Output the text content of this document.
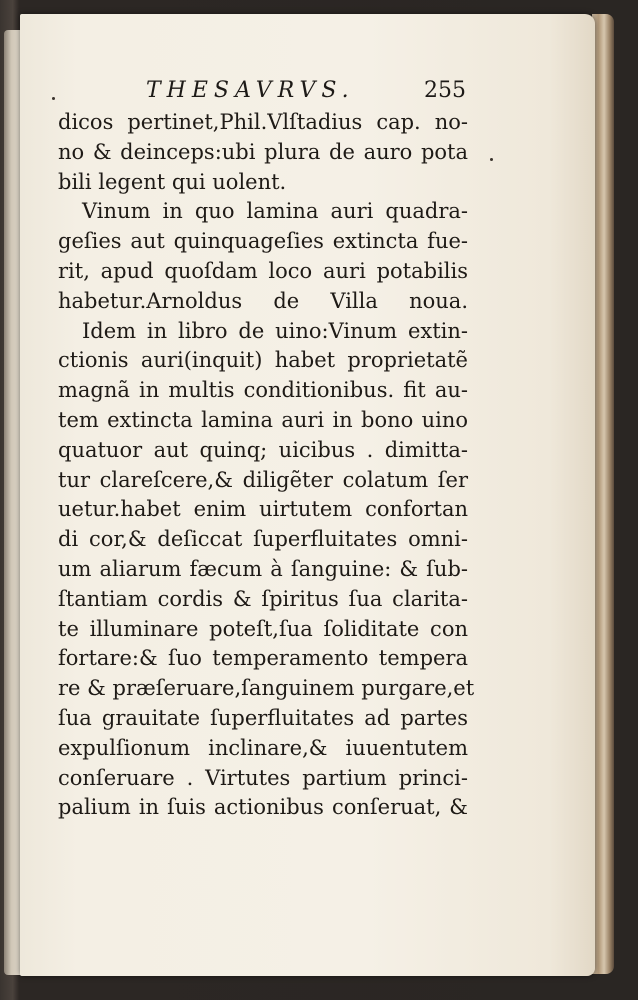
THESAVRVS.	255
dicos pertinet,Phil.Vlſtadius cap. no-
no & deinceps:ubi plura de auro pota
bili legent qui uolent.
Vinum in quo lamina auri quadra-
geſies aut quinquageſies extincta fue-
rit, apud quoſdam loco auri potabilis
habetur.Arnoldus de Villa noua.
Idem in libro de uino:Vinum extin-
ctionis auri(inquit) habet proprietatẽ
magnã in multis conditionibus. fit au-
tem extincta lamina auri in bono uino
quatuor aut quinq; uicibus . dimitta-
tur clareſcere,& diligẽter colatum ſer
uetur.habet enim uirtutem confortan
di cor,& deſiccat ſuperfluitates omni-
um aliarum fæcum à ſanguine: & ſub-
ſtantiam cordis & ſpiritus ſua clarita-
te illuminare poteſt,ſua ſoliditate con
fortare:& ſuo temperamento tempera
re & præſeruare,ſanguinem purgare,et
ſua grauitate ſuperfluitates ad partes
expulſionum inclinare,& iuuentutem
conſeruare . Virtutes partium princi-
palium in ſuis actionibus conſeruat, &
